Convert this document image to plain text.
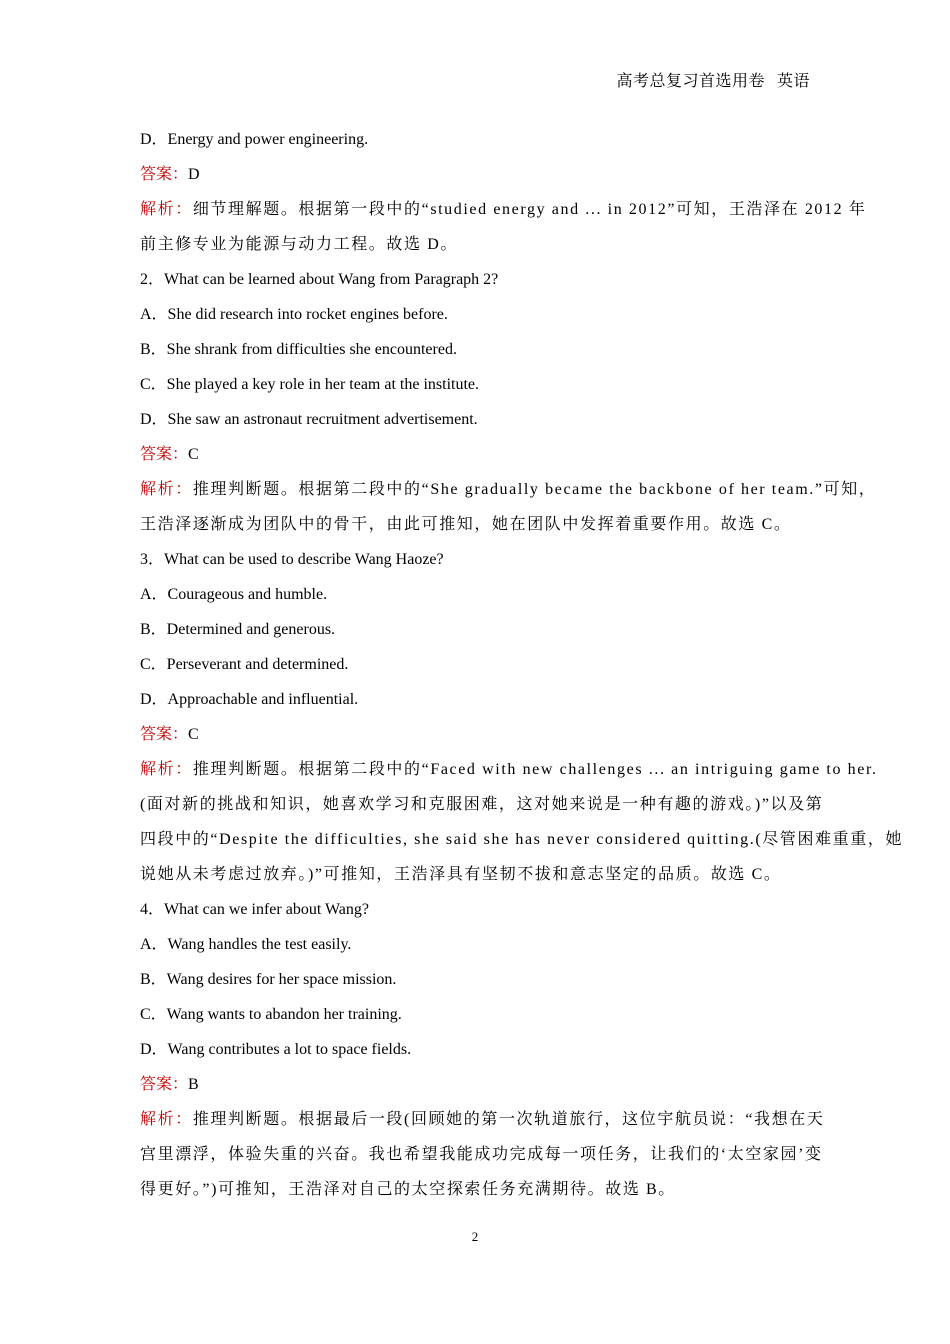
高考总复习首选用卷 英语
D．Energy and power engineering.
答案：D
解析：细节理解题。根据第一段中的“studied energy and ... in 2012”可知，王浩泽在 2012 年
前主修专业为能源与动力工程。故选 D。
2．What can be learned about Wang from Paragraph 2?
A．She did research into rocket engines before.
B．She shrank from difficulties she encountered.
C．She played a key role in her team at the institute.
D．She saw an astronaut recruitment advertisement.
答案：C
解析：推理判断题。根据第二段中的“She gradually became the backbone of her team.”可知，
王浩泽逐渐成为团队中的骨干，由此可推知，她在团队中发挥着重要作用。故选 C。
3．What can be used to describe Wang Haoze?
A．Courageous and humble.
B．Determined and generous.
C．Perseverant and determined.
D．Approachable and influential.
答案：C
解析：推理判断题。根据第二段中的“Faced with new challenges ... an intriguing game to her.
(面对新的挑战和知识，她喜欢学习和克服困难，这对她来说是一种有趣的游戏。)”以及第
四段中的“Despite the difficulties, she said she has never considered quitting.(尽管困难重重，她
说她从未考虑过放弃。)”可推知，王浩泽具有坚韧不拔和意志坚定的品质。故选 C。
4．What can we infer about Wang?
A．Wang handles the test easily.
B．Wang desires for her space mission.
C．Wang wants to abandon her training.
D．Wang contributes a lot to space fields.
答案：B
解析：推理判断题。根据最后一段(回顾她的第一次轨道旅行，这位宇航员说：“我想在天
宫里漂浮，体验失重的兴奋。我也希望我能成功完成每一项任务，让我们的‘太空家园’变
得更好。”)可推知，王浩泽对自己的太空探索任务充满期待。故选 B。
2
